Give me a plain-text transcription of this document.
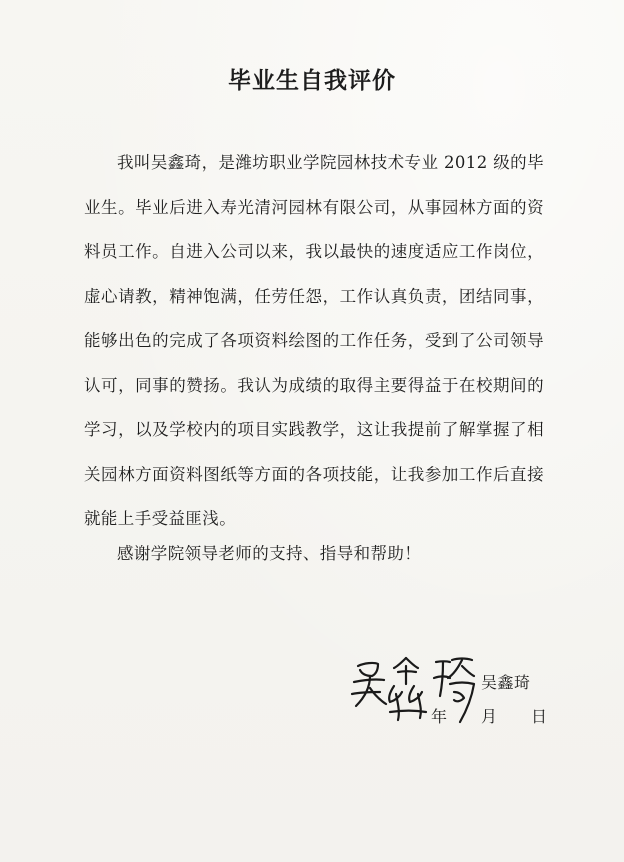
毕业生自我评价

我叫吴鑫琦，是潍坊职业学院园林技术专业 2012 级的毕业生。毕业后进入寿光清河园林有限公司，从事园林方面的资料员工作。自进入公司以来，我以最快的速度适应工作岗位，虚心请教，精神饱满，任劳任怨，工作认真负责，团结同事，能够出色的完成了各项资料绘图的工作任务，受到了公司领导认可，同事的赞扬。我认为成绩的取得主要得益于在校期间的学习，以及学校内的项目实践教学，这让我提前了解掌握了相关园林方面资料图纸等方面的各项技能，让我参加工作后直接就能上手受益匪浅。

感谢学院领导老师的支持、指导和帮助！

吴鑫琦
年 月 日
